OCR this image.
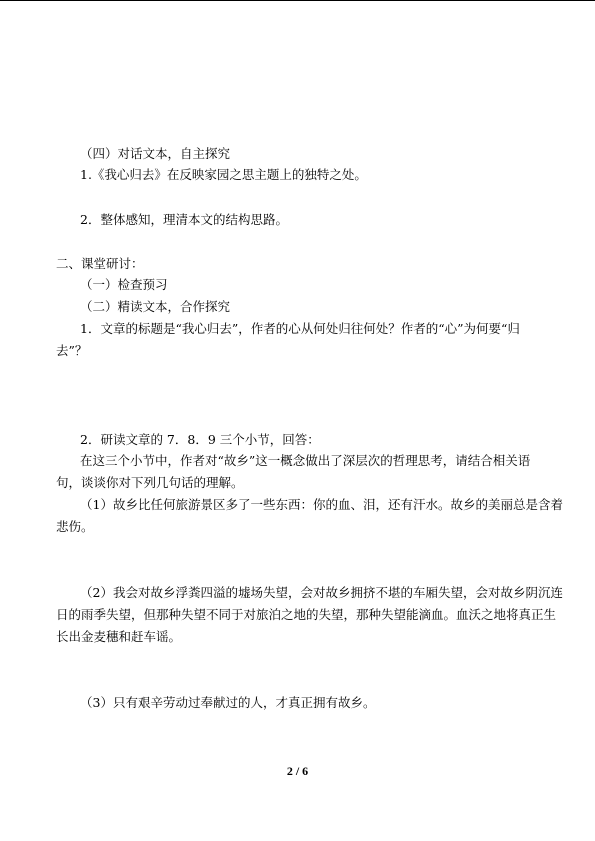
（四）对话文本，自主探究
1.《我心归去》在反映家园之思主题上的独特之处。
2．整体感知，理清本文的结构思路。
二、课堂研讨：
（一）检查预习
（二）精读文本，合作探究
1．文章的标题是“我心归去”，作者的心从何处归往何处？作者的“心”为何要“归
去”？
2．研读文章的 7．8．9 三个小节，回答：
在这三个小节中，作者对“故乡”这一概念做出了深层次的哲理思考，请结合相关语
句，谈谈你对下列几句话的理解。
（1）故乡比任何旅游景区多了一些东西：你的血、泪，还有汗水。故乡的美丽总是含着
悲伤。
（2）我会对故乡浮粪四溢的墟场失望，会对故乡拥挤不堪的车厢失望，会对故乡阴沉连
日的雨季失望，但那种失望不同于对旅泊之地的失望，那种失望能滴血。血沃之地将真正生
长出金麦穗和赶车谣。
（3）只有艰辛劳动过奉献过的人，才真正拥有故乡。
2 / 6
